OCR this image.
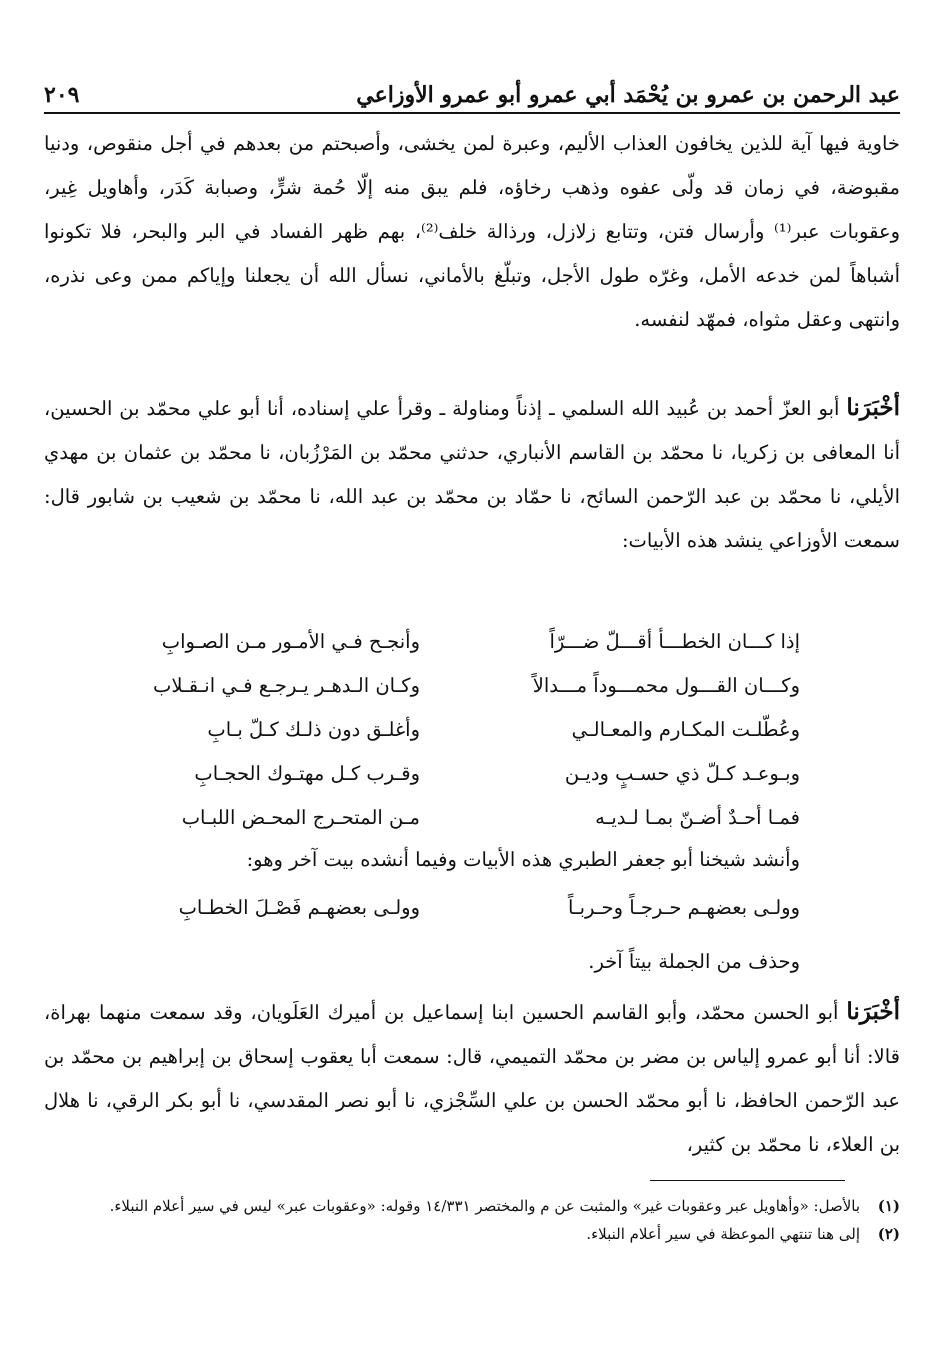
عبد الرحمن بن عمرو بن يُحْمَد أبي عمرو أبو عمرو الأوزاعي
٢٠٩
خاوية فيها آية للذين يخافون العذاب الأليم، وعبرة لمن يخشى، وأصبحتم من بعدهم في أجل منقوص، ودنيا مقبوضة، في زمان قد ولّى عفوه وذهب رخاؤه، فلم يبق منه إلّا حُمة شرٍّ، وصبابة كَدَر، وأهاويل غِير، وعقوبات عبر⁽¹⁾ وأرسال فتن، وتتابع زلازل، ورذالة خلف⁽²⁾، بهم ظهر الفساد في البر والبحر، فلا تكونوا أشباهاً لمن خدعه الأمل، وغرّه طول الأجل، وتبلّغ بالأماني، نسأل الله أن يجعلنا وإياكم ممن وعى نذره، وانتهى وعقل مثواه، فمهّد لنفسه.
أخْبَرَنا أبو العزّ أحمد بن عُبيد الله السلمي ـ إذناً ومناولة ـ وقرأ علي إسناده، أنا أبو علي محمّد بن الحسين، أنا المعافى بن زكريا، نا محمّد بن القاسم الأنباري، حدثني محمّد بن المَرْزُبان، نا محمّد بن عثمان بن مهدي الأيلي، نا محمّد بن عبد الرّحمن السائح، نا حمّاد بن محمّد بن عبد الله، نا محمّد بن شعيب بن شابور قال: سمعت الأوزاعي ينشد هذه الأبيات:
إذا كـــان الخطـــأ أقـــلّ ضـــرّاً
وأنجـح فـي الأمـور مـن الصـوابِ
وكـــان القـــول محمـــوداً مـــدالاً
وكـان الـدهـر يـرجـع فـي انـقـلاب
وعُطّلـت المكـارم والمعـالـي
وأغلـق دون ذلـك كـلّ بـابِ
وبـوعـد كـلّ ذي حسـبٍ وديـن
وقـرب كـل مهتـوك الحجـابِ
فمـا أحـدٌ أضـنّ بمـا لـديـه
مـن المتحـرج المحـض اللبـاب
وأنشد شيخنا أبو جعفر الطبري هذه الأبيات وفيما أنشده بيت آخر وهو:
وولـى بعضهـم حـرجـاً وحـربـاً
وولـى بعضهـم فَصْـلَ الخطـابِ
وحذف من الجملة بيتاً آخر.
أخْبَرَنا أبو الحسن محمّد، وأبو القاسم الحسين ابنا إسماعيل بن أميرك العَلَويان، وقد سمعت منهما بهراة، قالا: أنا أبو عمرو إلياس بن مضر بن محمّد التميمي، قال: سمعت أبا يعقوب إسحاق بن إبراهيم بن محمّد بن عبد الرّحمن الحافظ، نا أبو محمّد الحسن بن علي السِّجْزي، نا أبو نصر المقدسي، نا أبو بكر الرقي، نا هلال بن العلاء، نا محمّد بن كثير،
(١)
بالأصل: «وأهاويل عبر وعقوبات غير» والمثبت عن م والمختصر ١٤/٣٣١ وقوله: «وعقوبات عبر» ليس في سير أعلام النبلاء.
(٢)
إلى هنا تنتهي الموعظة في سير أعلام النبلاء.
